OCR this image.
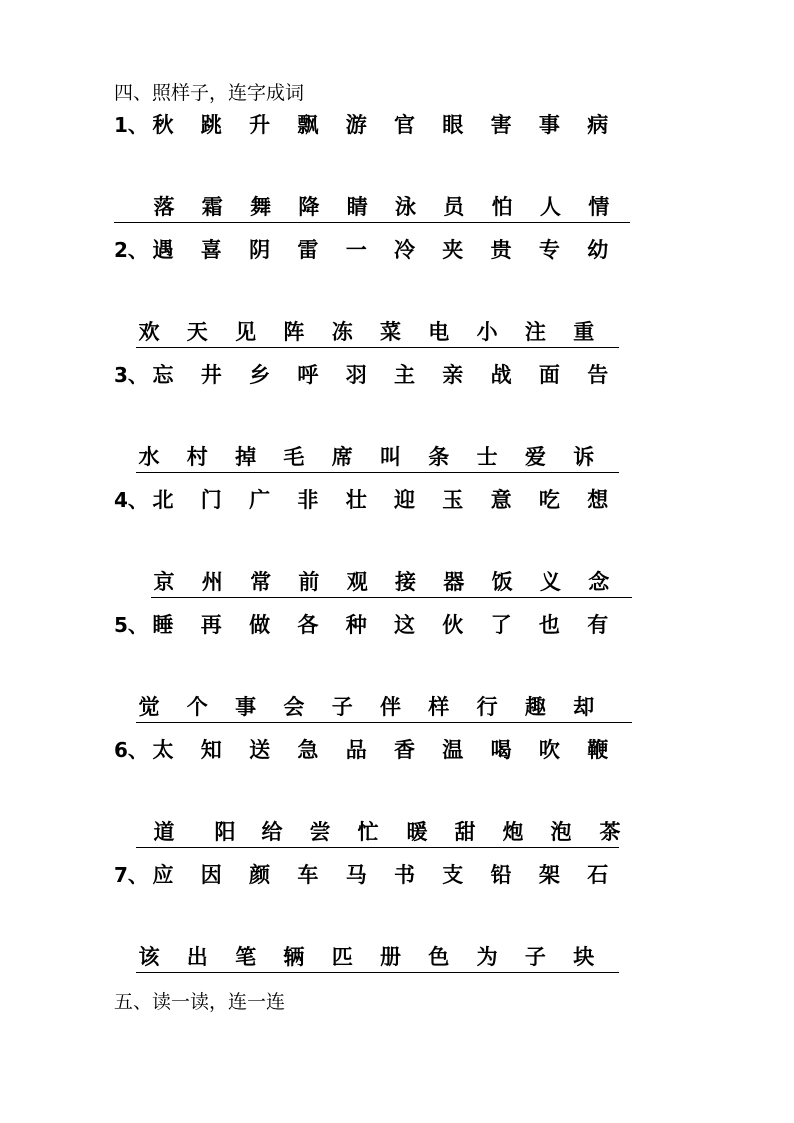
四、照样子，连字成词
1、 秋 跳 升 飘 游 官 眼 害 事 病
落 霜 舞 降 睛 泳 员 怕 人 情
2、 遇 喜 阴 雷 一 冷 夹 贵 专 幼
欢 天 见 阵 冻 菜 电 小 注 重
3、 忘 井 乡 呼 羽 主 亲 战 面 告
水 村 掉 毛 席 叫 条 士 爱 诉
4、 北 门 广 非 壮 迎 玉 意 吃 想
京 州 常 前 观 接 器 饭 义 念
5、 睡 再 做 各 种 这 伙 了 也 有
觉 个 事 会 子 伴 样 行 趣 却
6、 太 知 送 急 品 香 温 喝 吹 鞭
道 阳 给 尝 忙 暖 甜 炮 泡 茶
7、 应 因 颜 车 马 书 支 铅 架 石
该 出 笔 辆 匹 册 色 为 子 块
五、读一读，连一连
